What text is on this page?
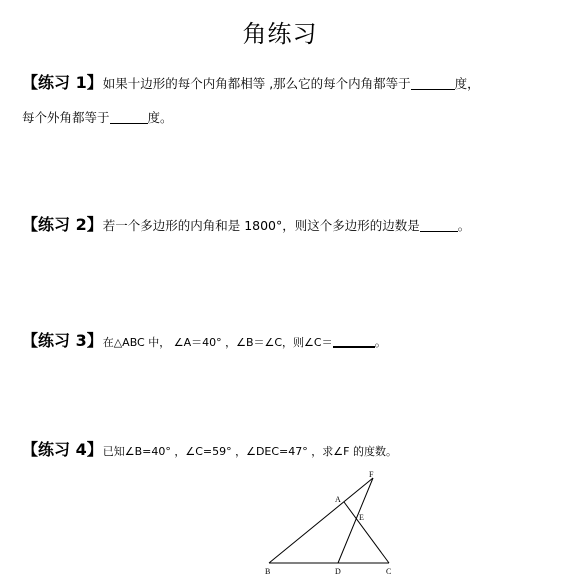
角练习
【练习 1】如果十边形的每个内角都相等 ,那么它的每个内角都等于	度，
每个外角都等于	度。
【练习 2】若一个多边形的内角和是 1800°，则这个多边形的边数是	。
【练习 3】在△ABC 中， ∠A＝40° ，∠B＝∠C，则∠C＝	。
【练习 4】已知∠B=40° ，∠C=59° ，∠DEC=47° ，求∠F 的度数。
F
A
E
B	D	C
